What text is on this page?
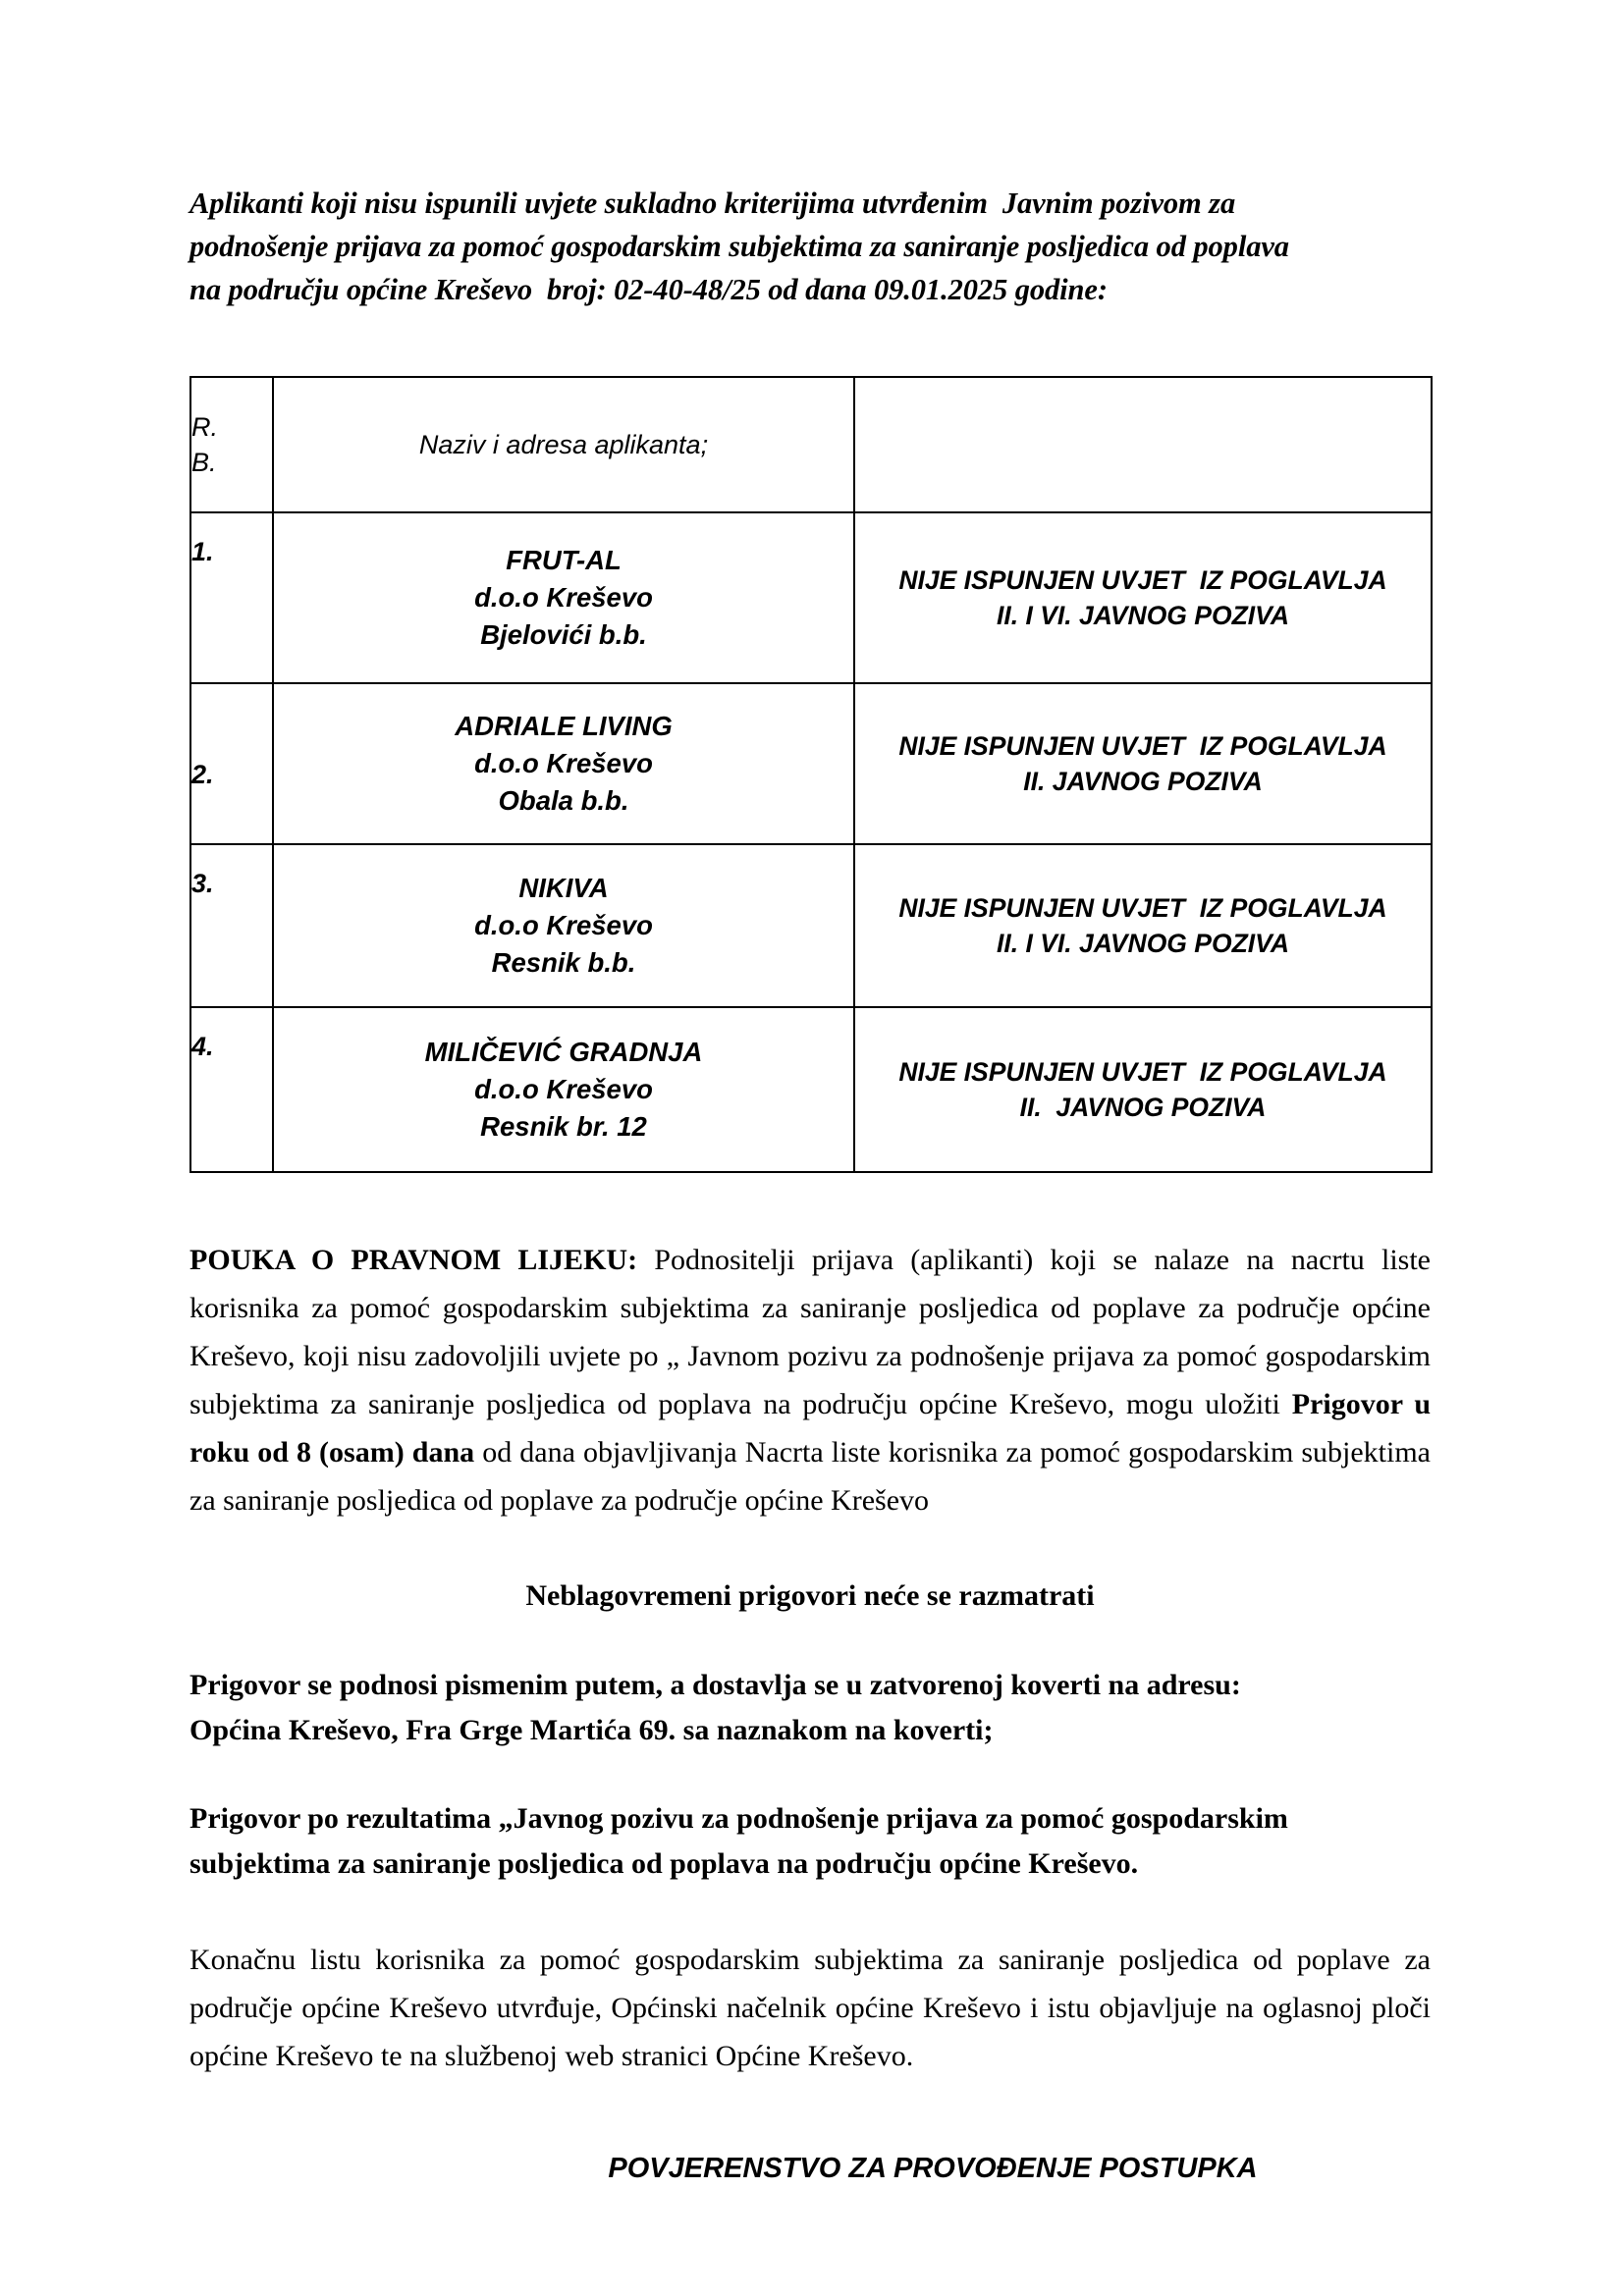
Aplikanti koji nisu ispunili uvjete sukladno kriterijima utvrđenim  Javnim pozivom za
podnošenje prijava za pomoć gospodarskim subjektima za saniranje posljedica od poplava
na području općine Kreševo  broj: 02-40-48/25 od dana 09.01.2025 godine:
R.
B.	Naziv i adresa aplikanta;	
1.	FRUT-AL
d.o.o Kreševo
Bjelovići b.b.	NIJE ISPUNJEN UVJET  IZ POGLAVLJA
II. I VI. JAVNOG POZIVA

2.	ADRIALE LIVING
d.o.o Kreševo
Obala b.b.	NIJE ISPUNJEN UVJET  IZ POGLAVLJA
II. JAVNOG POZIVA

3.	NIKIVA
d.o.o Kreševo
Resnik b.b.	NIJE ISPUNJEN UVJET  IZ POGLAVLJA
II. I VI. JAVNOG POZIVA

4.	MILIČEVIĆ GRADNJA
d.o.o Kreševo
Resnik br. 12	NIJE ISPUNJEN UVJET  IZ POGLAVLJA
II.  JAVNOG POZIVA

POUKA O PRAVNOM LIJEKU: Podnositelji prijava (aplikanti) koji se nalaze na nacrtu liste korisnika za pomoć gospodarskim subjektima za saniranje posljedica od poplave za područje općine Kreševo, koji nisu zadovoljili uvjete po „ Javnom pozivu za podnošenje prijava za pomoć gospodarskim subjektima za saniranje posljedica od poplava na području općine Kreševo, mogu uložiti Prigovor u roku od 8 (osam) dana od dana objavljivanja Nacrta liste korisnika za pomoć gospodarskim subjektima za saniranje posljedica od poplave za područje općine Kreševo

Neblagovremeni prigovori neće se razmatrati

Prigovor se podnosi pismenim putem, a dostavlja se u zatvorenoj koverti na adresu:
Općina Kreševo, Fra Grge Martića 69. sa naznakom na koverti;

Prigovor po rezultatima „Javnog pozivu za podnošenje prijava za pomoć gospodarskim
subjektima za saniranje posljedica od poplava na području općine Kreševo.

Konačnu listu korisnika za pomoć gospodarskim subjektima za saniranje posljedica od poplave za područje općine Kreševo utvrđuje, Općinski načelnik općine Kreševo i istu objavljuje na oglasnoj ploči općine Kreševo te na službenoj web stranici Općine Kreševo.

POVJERENSTVO ZA PROVOĐENJE POSTUPKA
